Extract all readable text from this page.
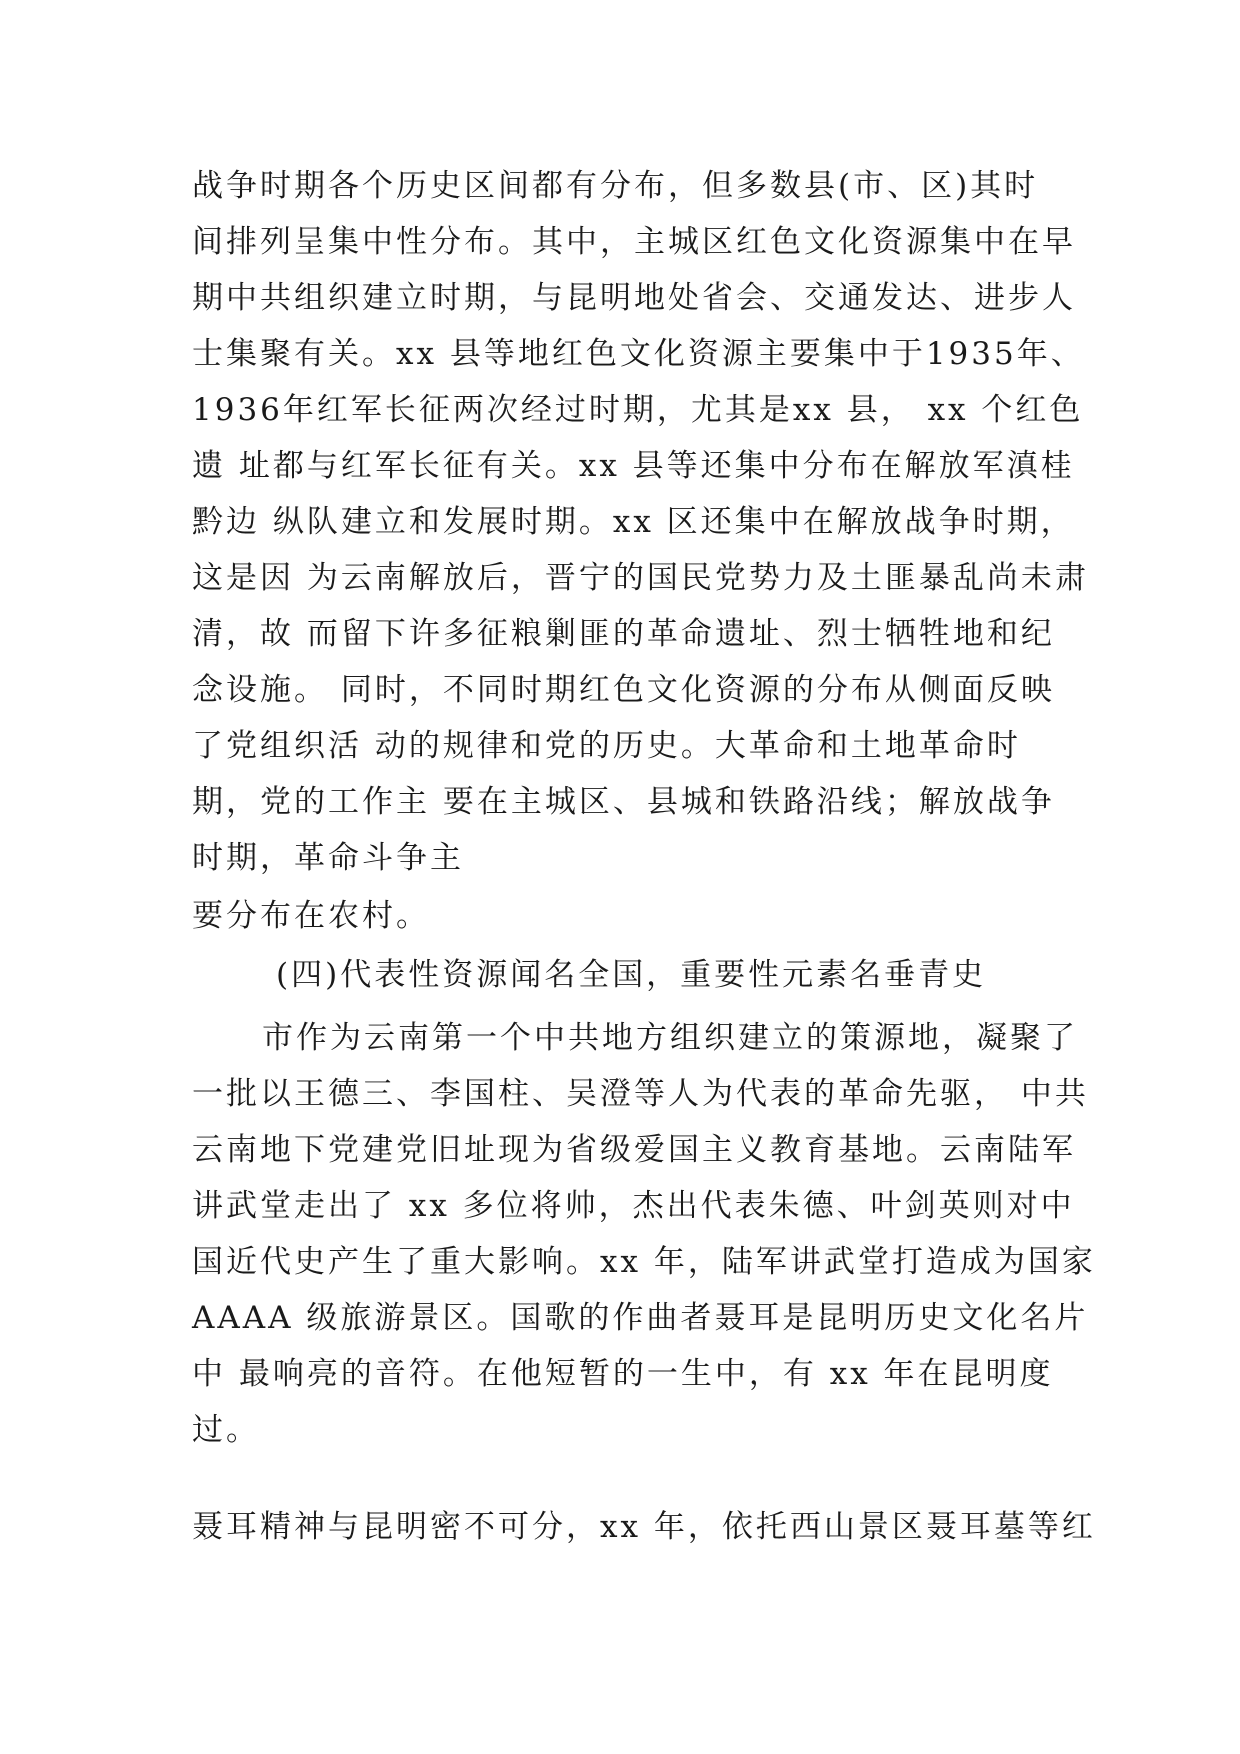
战争时期各个历史区间都有分布，但多数县(市、区)其时
间排列呈集中性分布。其中，主城区红色文化资源集中在早
期中共组织建立时期，与昆明地处省会、交通发达、进步人
士集聚有关。xx 县等地红色文化资源主要集中于1935年、
1936年红军长征两次经过时期，尤其是xx 县， xx 个红色
遗 址都与红军长征有关。xx 县等还集中分布在解放军滇桂
黔边 纵队建立和发展时期。xx 区还集中在解放战争时期，
这是因 为云南解放后，晋宁的国民党势力及土匪暴乱尚未肃
清，故 而留下许多征粮剿匪的革命遗址、烈士牺牲地和纪
念设施。 同时，不同时期红色文化资源的分布从侧面反映
了党组织活 动的规律和党的历史。大革命和土地革命时
期，党的工作主 要在主城区、县城和铁路沿线；解放战争
时期，革命斗争主
要分布在农村。
(四)代表性资源闻名全国，重要性元素名垂青史
市作为云南第一个中共地方组织建立的策源地，凝聚了
一批以王德三、李国柱、吴澄等人为代表的革命先驱， 中共
云南地下党建党旧址现为省级爱国主义教育基地。云南陆军
讲武堂走出了 xx 多位将帅，杰出代表朱德、叶剑英则对中
国近代史产生了重大影响。xx 年，陆军讲武堂打造成为国家
AAAA 级旅游景区。国歌的作曲者聂耳是昆明历史文化名片
中 最响亮的音符。在他短暂的一生中，有 xx 年在昆明度
过。
聂耳精神与昆明密不可分，xx 年，依托西山景区聂耳墓等红
